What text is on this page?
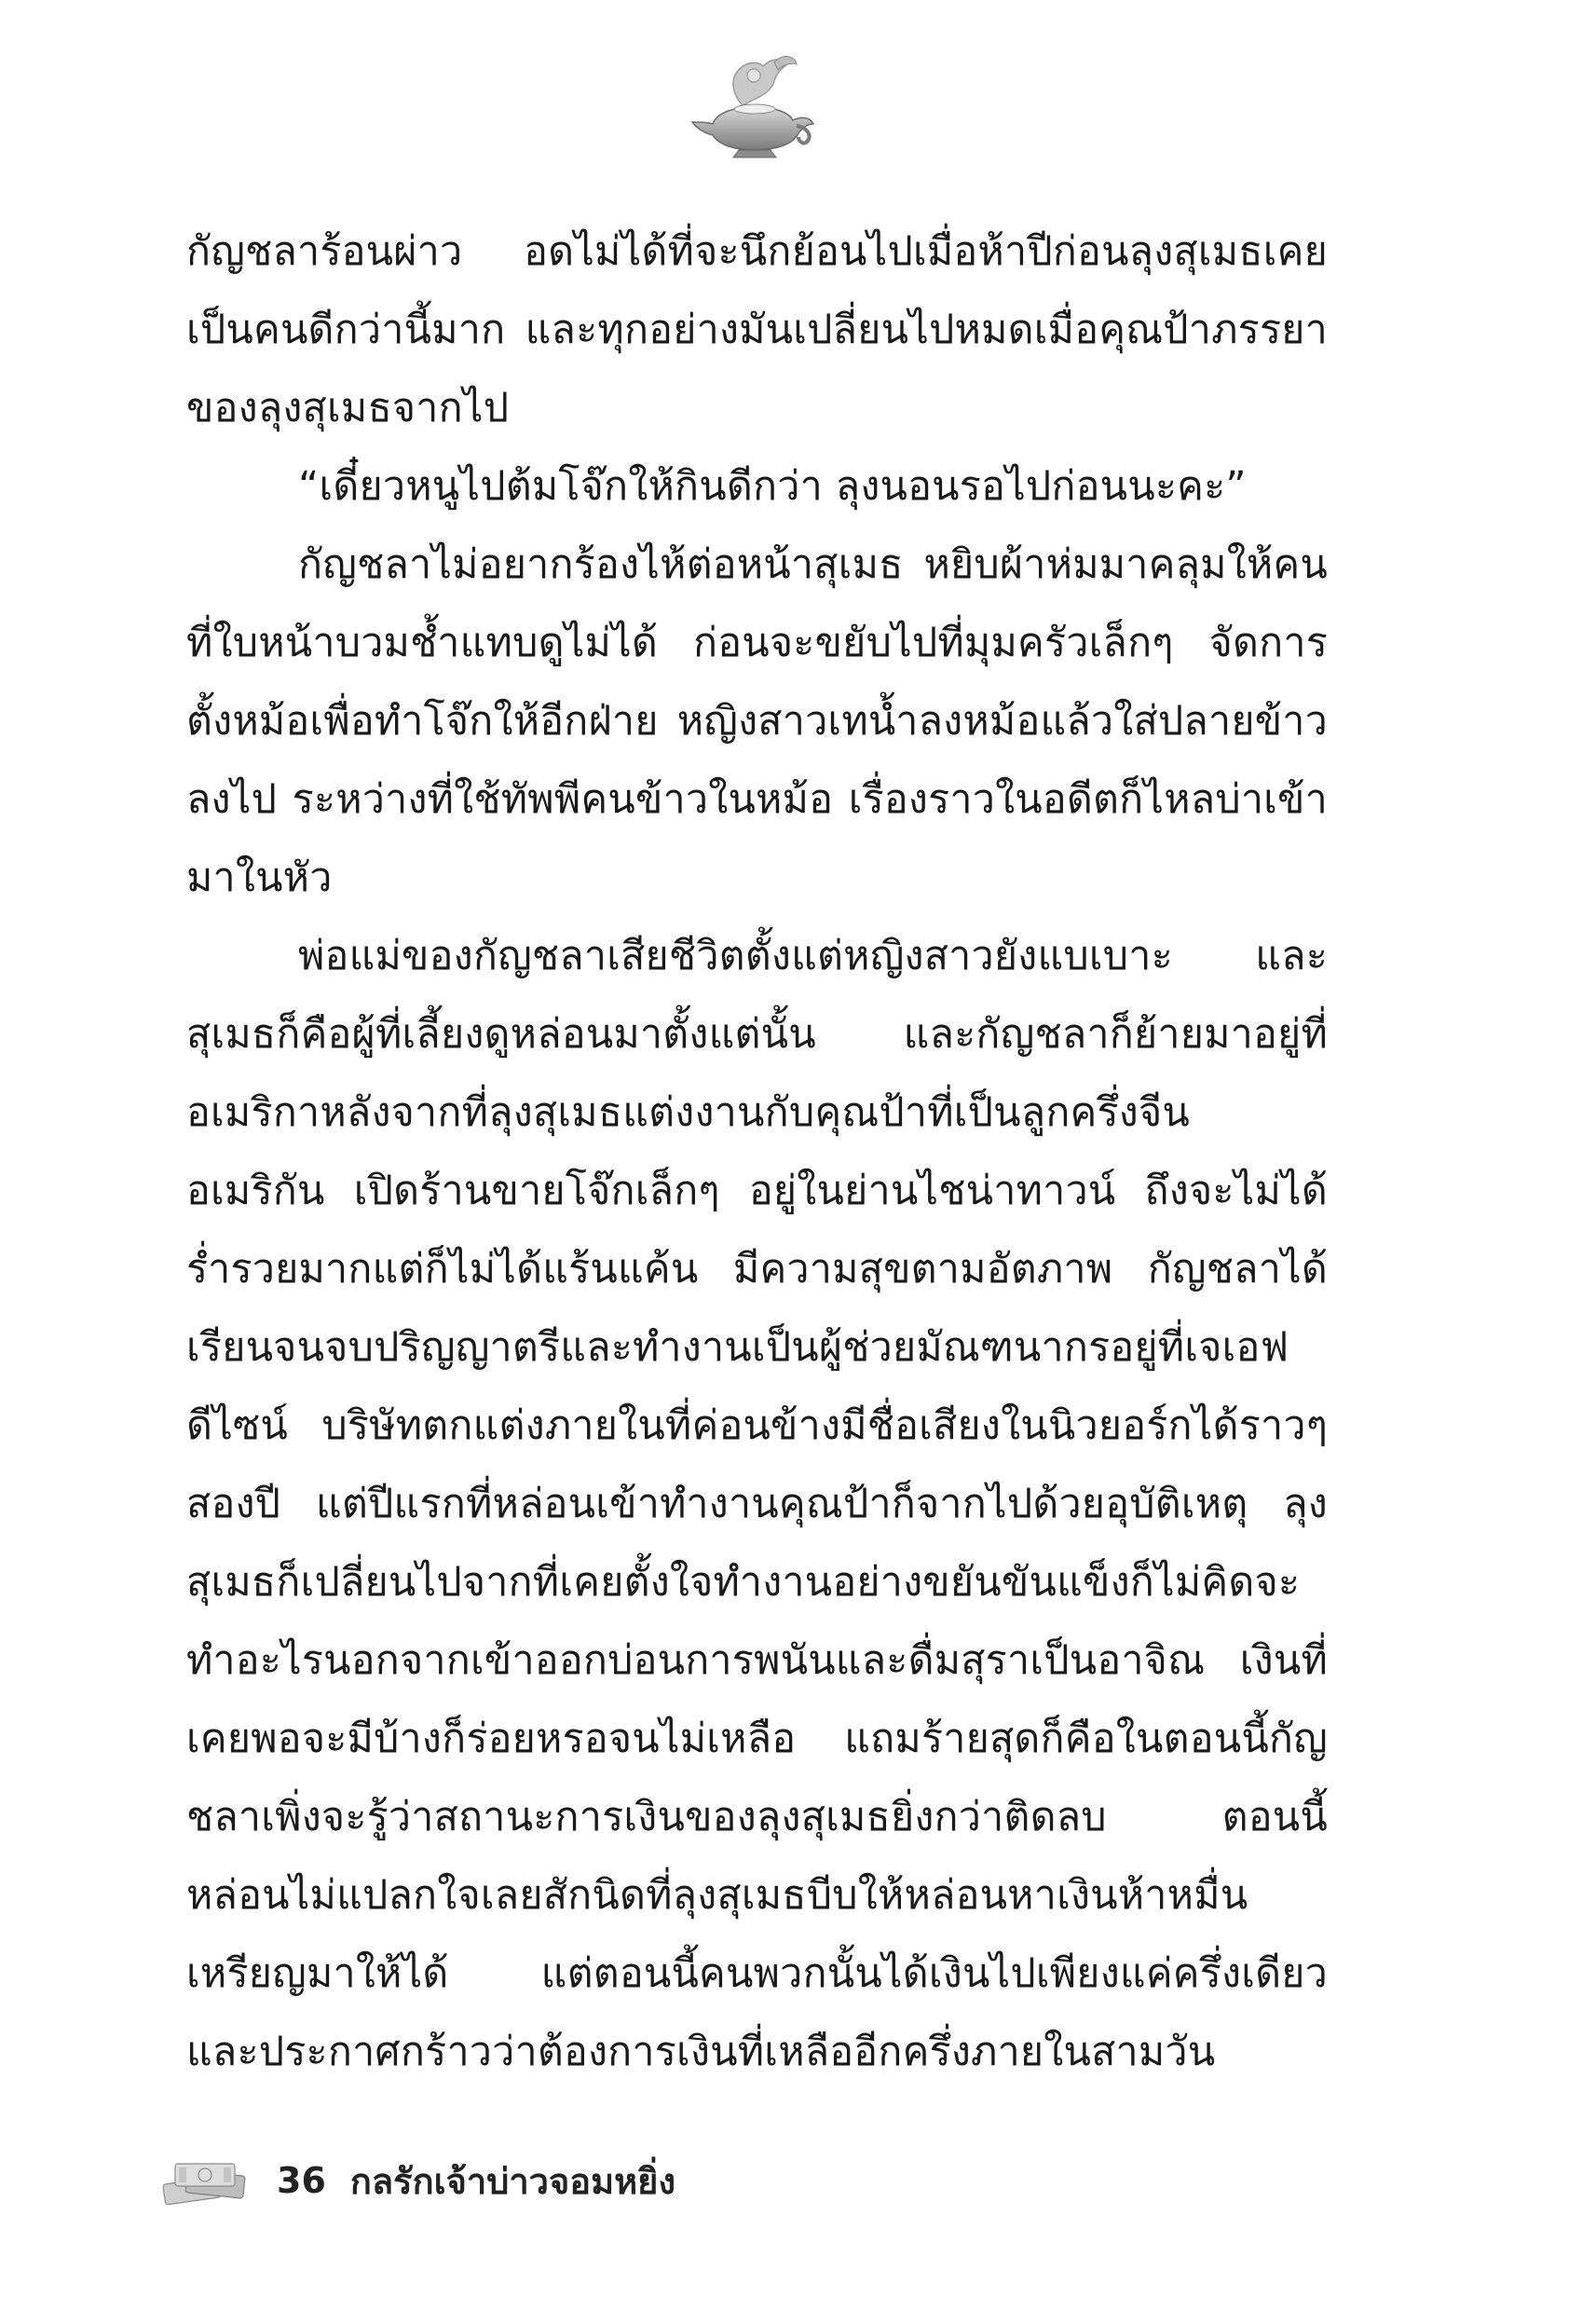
กัญชลาร้อนผ่าว อดไม่ได้ที่จะนึกย้อนไปเมื่อห้าปีก่อนลุงสุเมธเคยเป็นคนดีกว่านี้มาก และทุกอย่างมันเปลี่ยนไปหมดเมื่อคุณป้าภรรยาของลุงสุเมธจากไป

“เดี๋ยวหนูไปต้มโจ๊กให้กินดีกว่า ลุงนอนรอไปก่อนนะคะ”

กัญชลาไม่อยากร้องไห้ต่อหน้าสุเมธ หยิบผ้าห่มมาคลุมให้คนที่ใบหน้าบวมช้ำแทบดูไม่ได้ ก่อนจะขยับไปที่มุมครัวเล็กๆ จัดการตั้งหม้อเพื่อทำโจ๊กให้อีกฝ่าย หญิงสาวเทน้ำลงหม้อแล้วใส่ปลายข้าวลงไป ระหว่างที่ใช้ทัพพีคนข้าวในหม้อ เรื่องราวในอดีตก็ไหลบ่าเข้ามาในหัว

พ่อแม่ของกัญชลาเสียชีวิตตั้งแต่หญิงสาวยังแบเบาะ และสุเมธก็คือผู้ที่เลี้ยงดูหล่อนมาตั้งแต่นั้น และกัญชลาก็ย้ายมาอยู่ที่อเมริกาหลังจากที่ลุงสุเมธแต่งงานกับคุณป้าที่เป็นลูกครึ่งจีนอเมริกัน เปิดร้านขายโจ๊กเล็กๆ อยู่ในย่านไชน่าทาวน์ ถึงจะไม่ได้ร่ำรวยมากแต่ก็ไม่ได้แร้นแค้น มีความสุขตามอัตภาพ กัญชลาได้เรียนจนจบปริญญาตรีและทำงานเป็นผู้ช่วยมัณฑนากรอยู่ที่เจเอฟดีไซน์ บริษัทตกแต่งภายในที่ค่อนข้างมีชื่อเสียงในนิวยอร์กได้ราวๆ สองปี แต่ปีแรกที่หล่อนเข้าทำงานคุณป้าก็จากไปด้วยอุบัติเหตุ ลุงสุเมธก็เปลี่ยนไปจากที่เคยตั้งใจทำงานอย่างขยันขันแข็งก็ไม่คิดจะทำอะไรนอกจากเข้าออกบ่อนการพนันและดื่มสุราเป็นอาจิณ เงินที่เคยพอจะมีบ้างก็ร่อยหรอจนไม่เหลือ แถมร้ายสุดก็คือในตอนนี้กัญชลาเพิ่งจะรู้ว่าสถานะการเงินของลุงสุเมธยิ่งกว่าติดลบ ตอนนี้หล่อนไม่แปลกใจเลยสักนิดที่ลุงสุเมธบีบให้หล่อนหาเงินห้าหมื่นเหรียญมาให้ได้ แต่ตอนนี้คนพวกนั้นได้เงินไปเพียงแค่ครึ่งเดียว และประกาศกร้าวว่าต้องการเงินที่เหลืออีกครึ่งภายในสามวัน

36 กลรักเจ้าบ่าวจอมหยิ่ง
